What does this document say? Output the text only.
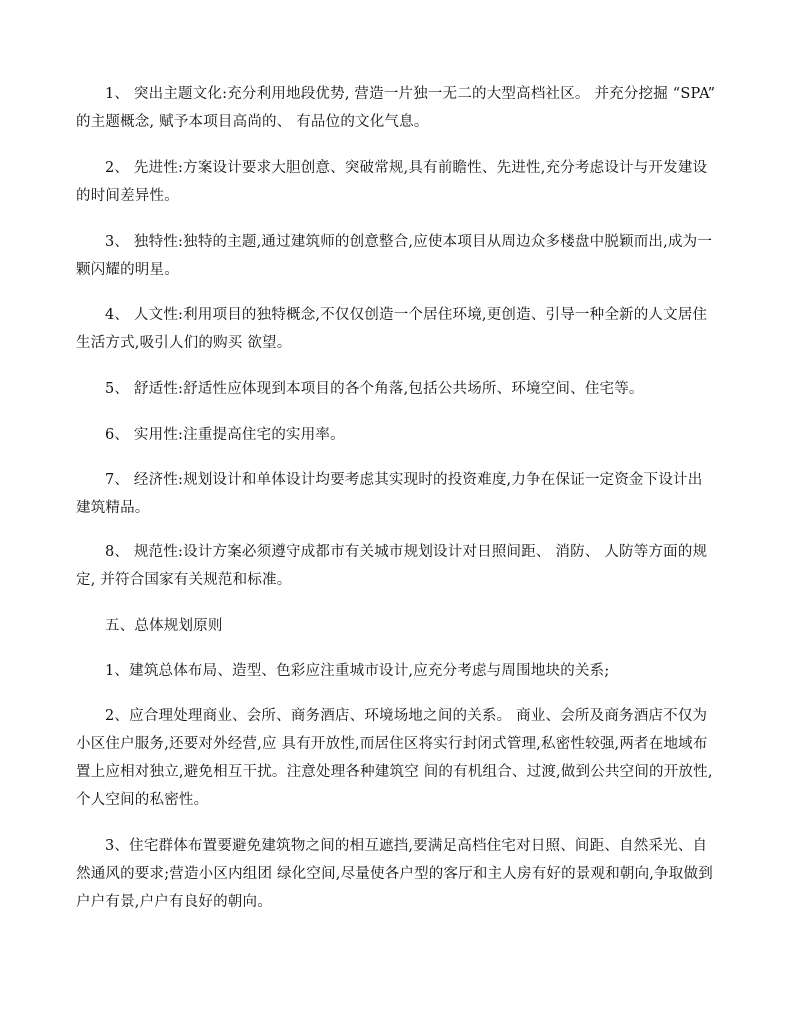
1、 突出主题文化:充分利用地段优势, 营造一片独一无二的大型高档社区。 并充分挖掘 “SPA” 的主题概念, 赋予本项目高尚的、 有品位的文化气息。

2、 先进性:方案设计要求大胆创意、突破常规,具有前瞻性、先进性,充分考虑设计与开发建设的时间差异性。

3、 独特性:独特的主题,通过建筑师的创意整合,应使本项目从周边众多楼盘中脱颖而出,成为一颗闪耀的明星。

4、 人文性:利用项目的独特概念,不仅仅创造一个居住环境,更创造、引导一种全新的人文居住生活方式,吸引人们的购买 欲望。

5、 舒适性:舒适性应体现到本项目的各个角落,包括公共场所、环境空间、住宅等。

6、 实用性:注重提高住宅的实用率。

7、 经济性:规划设计和单体设计均要考虑其实现时的投资难度,力争在保证一定资金下设计出建筑精品。

8、 规范性:设计方案必须遵守成都市有关城市规划设计对日照间距、 消防、 人防等方面的规定, 并符合国家有关规范和标准。

五、总体规划原则

1、建筑总体布局、造型、色彩应注重城市设计,应充分考虑与周围地块的关系;

2、应合理处理商业、会所、商务酒店、环境场地之间的关系。 商业、会所及商务酒店不仅为小区住户服务,还要对外经营,应 具有开放性,而居住区将实行封闭式管理,私密性较强,两者在地域布置上应相对独立,避免相互干扰。注意处理各种建筑空 间的有机组合、过渡,做到公共空间的开放性,个人空间的私密性。

3、住宅群体布置要避免建筑物之间的相互遮挡,要满足高档住宅对日照、间距、自然采光、自然通风的要求;营造小区内组团 绿化空间,尽量使各户型的客厅和主人房有好的景观和朝向,争取做到户户有景,户户有良好的朝向。
